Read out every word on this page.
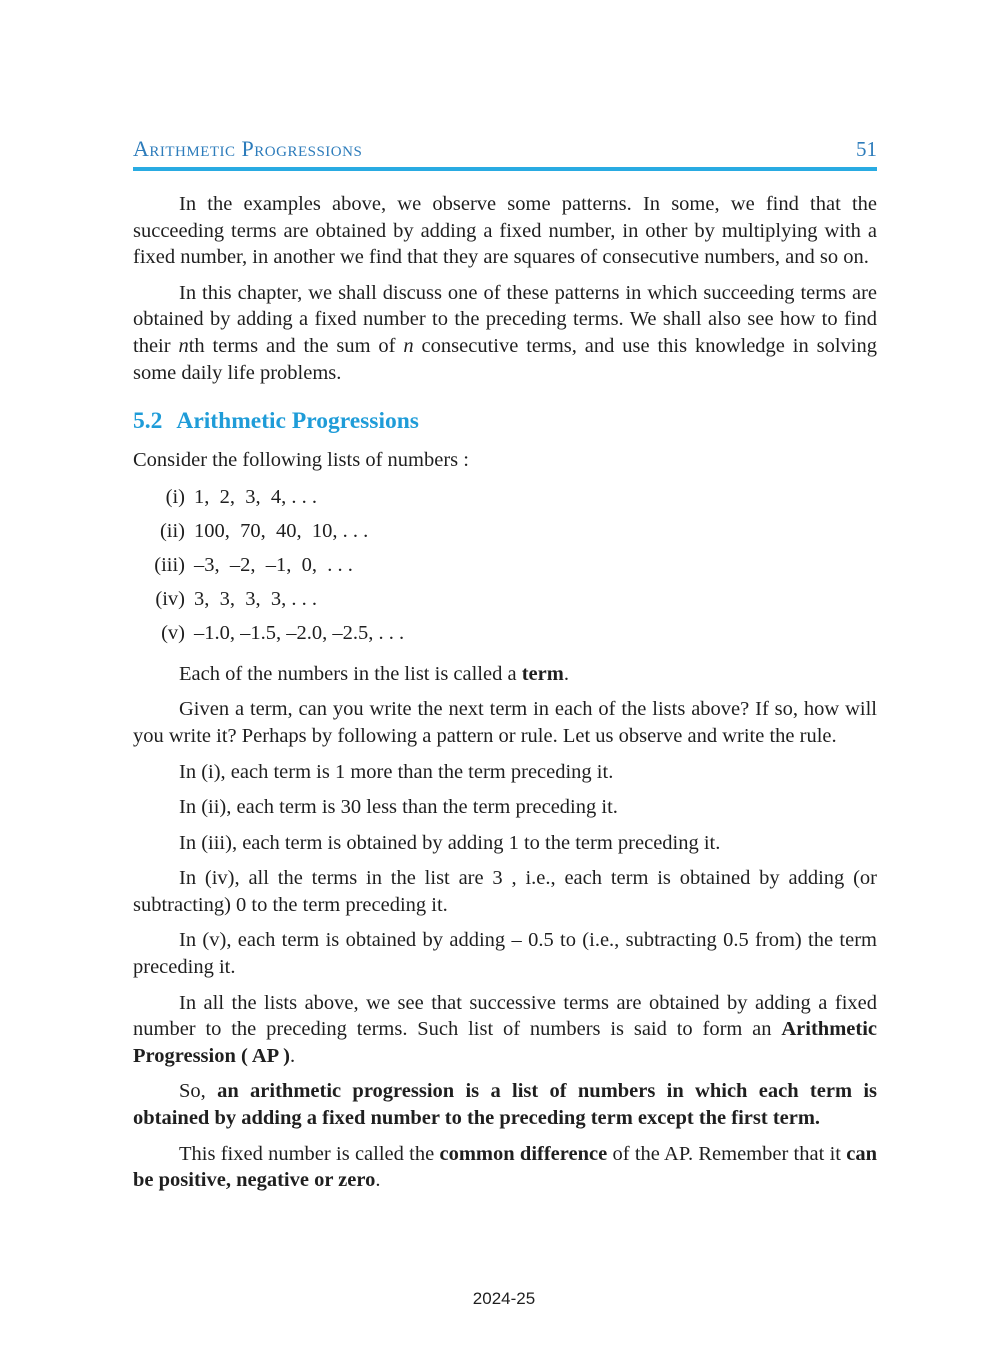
Arithmetic Progressions	51

In the examples above, we observe some patterns. In some, we find that the succeeding terms are obtained by adding a fixed number, in other by multiplying with a fixed number, in another we find that they are squares of consecutive numbers, and so on.

In this chapter, we shall discuss one of these patterns in which succeeding terms are obtained by adding a fixed number to the preceding terms. We shall also see how to find their nth terms and the sum of n consecutive terms, and use this knowledge in solving some daily life problems.

5.2 Arithmetic Progressions

Consider the following lists of numbers :

(i) 1,  2,  3,  4, . . .
(ii) 100,  70,  40,  10, . . .
(iii) –3,  –2,  –1,  0,  . . .
(iv) 3,  3,  3,  3, . . .
(v) –1.0, –1.5, –2.0, –2.5, . . .

Each of the numbers in the list is called a term.

Given a term, can you write the next term in each of the lists above? If so, how will you write it? Perhaps by following a pattern or rule. Let us observe and write the rule.

In (i), each term is 1 more than the term preceding it.

In (ii), each term is 30 less than the term preceding it.

In (iii), each term is obtained by adding 1 to the term preceding it.

In (iv), all the terms in the list are 3 , i.e., each term is obtained by adding (or subtracting) 0 to the term preceding it.

In (v), each term is obtained by adding – 0.5 to (i.e., subtracting 0.5 from) the term preceding it.

In all the lists above, we see that successive terms are obtained by adding a fixed number to the preceding terms. Such list of numbers is said to form an Arithmetic Progression ( AP ).

So, an arithmetic progression is a list of numbers in which each term is obtained by adding a fixed number to the preceding term except the first term.

This fixed number is called the common difference of the AP. Remember that it can be positive, negative or zero.

2024-25
